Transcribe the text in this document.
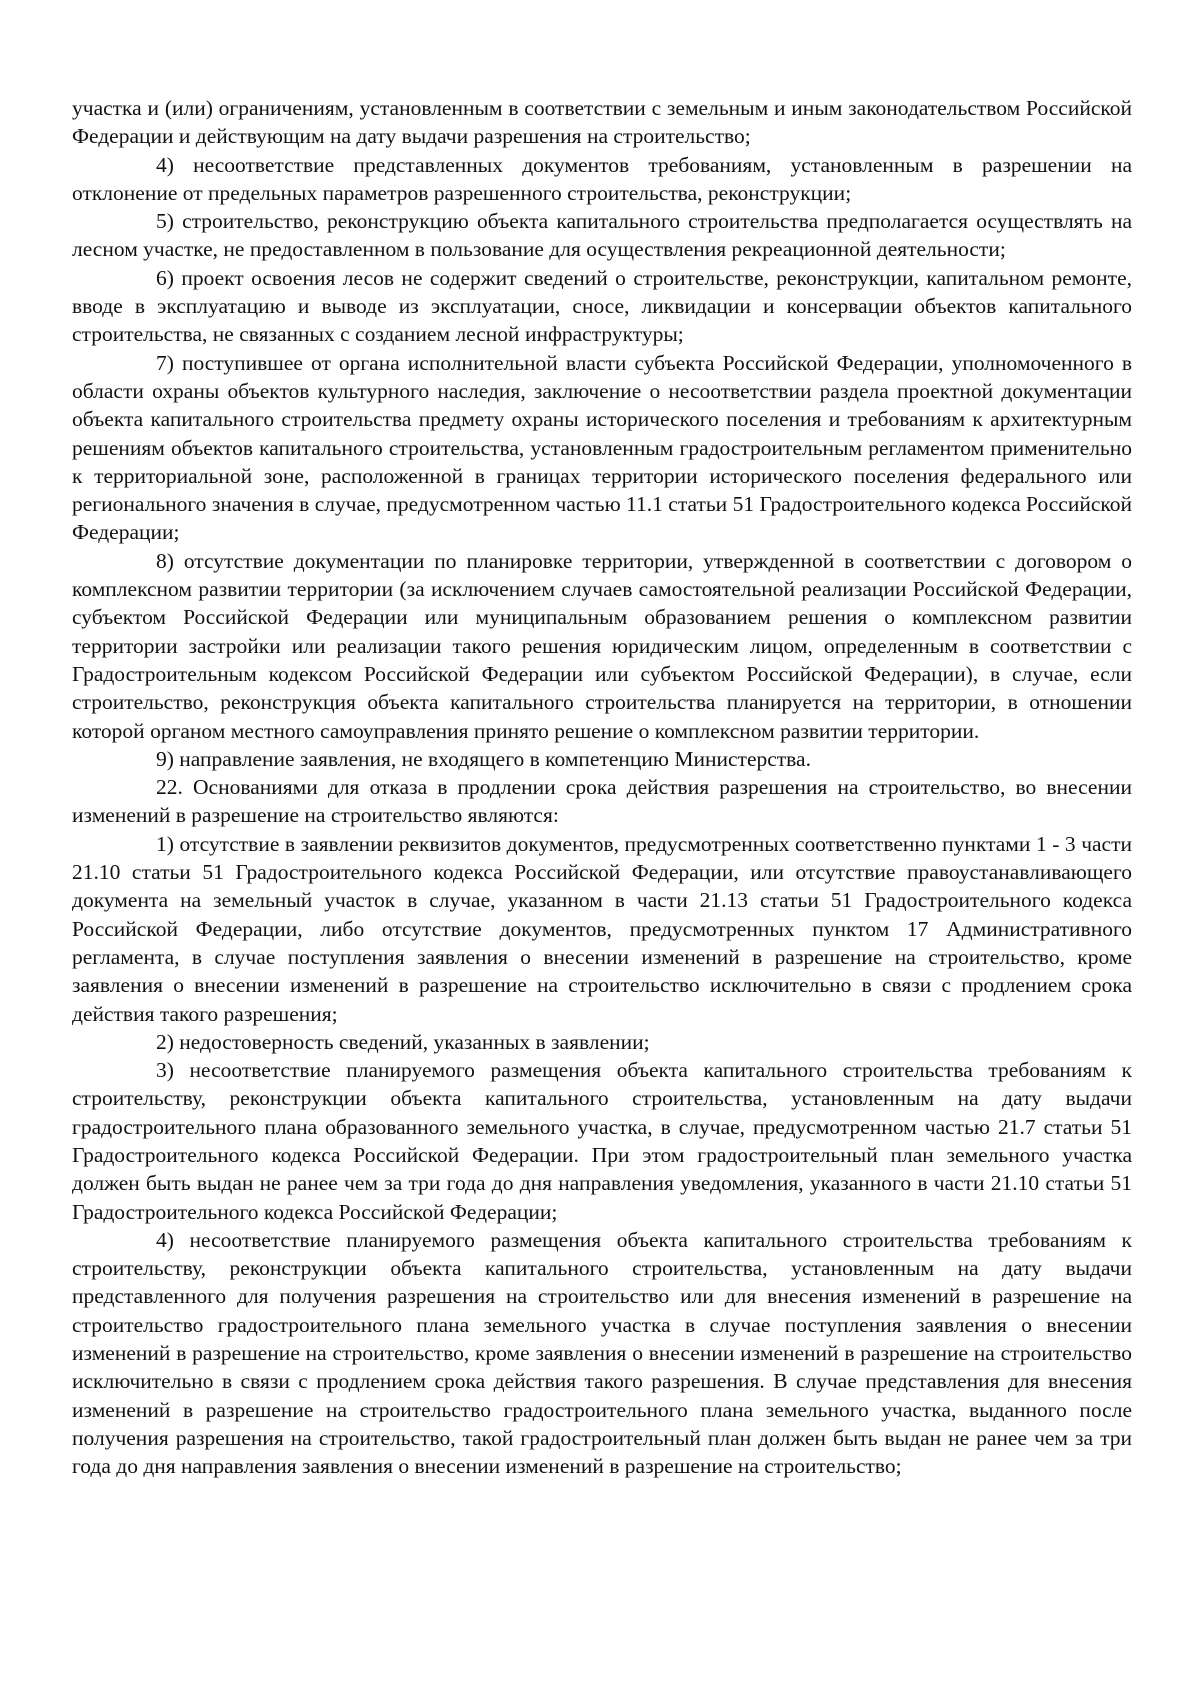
участка и (или) ограничениям, установленным в соответствии с земельным и иным законодательством Российской Федерации и действующим на дату выдачи разрешения на строительство;

4) несоответствие представленных документов требованиям, установленным в разрешении на отклонение от предельных параметров разрешенного строительства, реконструкции;

5) строительство, реконструкцию объекта капитального строительства предполагается осуществлять на лесном участке, не предоставленном в пользование для осуществления рекреационной деятельности;

6) проект освоения лесов не содержит сведений о строительстве, реконструкции, капитальном ремонте, вводе в эксплуатацию и выводе из эксплуатации, сносе, ликвидации и консервации объектов капитального строительства, не связанных с созданием лесной инфраструктуры;

7) поступившее от органа исполнительной власти субъекта Российской Федерации, уполномоченного в области охраны объектов культурного наследия, заключение о несоответствии раздела проектной документации объекта капитального строительства предмету охраны исторического поселения и требованиям к архитектурным решениям объектов капитального строительства, установленным градостроительным регламентом применительно к территориальной зоне, расположенной в границах территории исторического поселения федерального или регионального значения в случае, предусмотренном частью 11.1 статьи 51 Градостроительного кодекса Российской Федерации;

8) отсутствие документации по планировке территории, утвержденной в соответствии с договором о комплексном развитии территории (за исключением случаев самостоятельной реализации Российской Федерации, субъектом Российской Федерации или муниципальным образованием решения о комплексном развитии территории застройки или реализации такого решения юридическим лицом, определенным в соответствии с Градостроительным кодексом Российской Федерации или субъектом Российской Федерации), в случае, если строительство, реконструкция объекта капитального строительства планируется на территории, в отношении которой органом местного самоуправления принято решение о комплексном развитии территории.

9) направление заявления, не входящего в компетенцию Министерства.

22. Основаниями для отказа в продлении срока действия разрешения на строительство, во внесении изменений в разрешение на строительство являются:

1) отсутствие в заявлении реквизитов документов, предусмотренных соответственно пунктами 1 - 3 части 21.10 статьи 51 Градостроительного кодекса Российской Федерации, или отсутствие правоустанавливающего документа на земельный участок в случае, указанном в части 21.13 статьи 51 Градостроительного кодекса Российской Федерации, либо отсутствие документов, предусмотренных пунктом 17 Административного регламента, в случае поступления заявления о внесении изменений в разрешение на строительство, кроме заявления о внесении изменений в разрешение на строительство исключительно в связи с продлением срока действия такого разрешения;

2) недостоверность сведений, указанных в заявлении;

3) несоответствие планируемого размещения объекта капитального строительства требованиям к строительству, реконструкции объекта капитального строительства, установленным на дату выдачи градостроительного плана образованного земельного участка, в случае, предусмотренном частью 21.7 статьи 51 Градостроительного кодекса Российской Федерации. При этом градостроительный план земельного участка должен быть выдан не ранее чем за три года до дня направления уведомления, указанного в части 21.10 статьи 51 Градостроительного кодекса Российской Федерации;

4) несоответствие планируемого размещения объекта капитального строительства требованиям к строительству, реконструкции объекта капитального строительства, установленным на дату выдачи представленного для получения разрешения на строительство или для внесения изменений в разрешение на строительство градостроительного плана земельного участка в случае поступления заявления о внесении изменений в разрешение на строительство, кроме заявления о внесении изменений в разрешение на строительство исключительно в связи с продлением срока действия такого разрешения. В случае представления для внесения изменений в разрешение на строительство градостроительного плана земельного участка, выданного после получения разрешения на строительство, такой градостроительный план должен быть выдан не ранее чем за три года до дня направления заявления о внесении изменений в разрешение на строительство;
